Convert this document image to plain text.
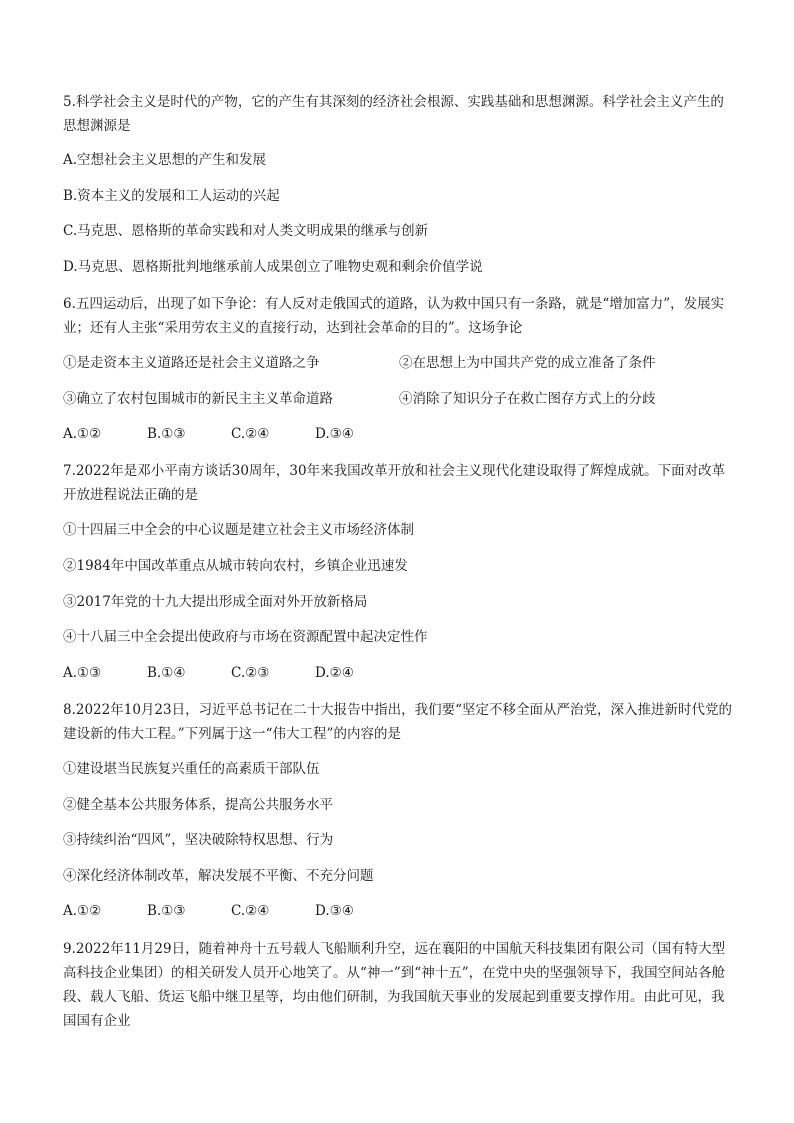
5.科学社会主义是时代的产物，它的产生有其深刻的经济社会根源、实践基础和思想渊源。科学社会主义产生的思想渊源是
A.空想社会主义思想的产生和发展
B.资本主义的发展和工人运动的兴起
C.马克思、恩格斯的革命实践和对人类文明成果的继承与创新
D.马克思、恩格斯批判地继承前人成果创立了唯物史观和剩余价值学说
6.五四运动后，出现了如下争论：有人反对走俄国式的道路，认为救中国只有一条路，就是“增加富力”，发展实业；还有人主张“采用劳农主义的直接行动，达到社会革命的目的”。这场争论
①是走资本主义道路还是社会主义道路之争	②在思想上为中国共产党的成立准备了条件
③确立了农村包围城市的新民主主义革命道路	④消除了知识分子在救亡图存方式上的分歧
A.①②	B.①③	C.②④	D.③④
7.2022年是邓小平南方谈话30周年，30年来我国改革开放和社会主义现代化建设取得了辉煌成就。下面对改革开放进程说法正确的是
①十四届三中全会的中心议题是建立社会主义市场经济体制
②1984年中国改革重点从城市转向农村，乡镇企业迅速发
③2017年党的十九大提出形成全面对外开放新格局
④十八届三中全会提出使政府与市场在资源配置中起决定性作
A.①③	B.①④	C.②③	D.②④
8.2022年10月23日，习近平总书记在二十大报告中指出，我们要“坚定不移全面从严治党，深入推进新时代党的建设新的伟大工程。”下列属于这一“伟大工程”的内容的是
①建设堪当民族复兴重任的高素质干部队伍
②健全基本公共服务体系，提高公共服务水平
③持续纠治“四风”，坚决破除特权思想、行为
④深化经济体制改革，解决发展不平衡、不充分问题
A.①②	B.①③	C.②④	D.③④
9.2022年11月29日，随着神舟十五号载人飞船顺利升空，远在襄阳的中国航天科技集团有限公司（国有特大型高科技企业集团）的相关研发人员开心地笑了。从“神一”到“神十五”，在党中央的坚强领导下，我国空间站各舱段、载人飞船、货运飞船中继卫星等，均由他们研制，为我国航天事业的发展起到重要支撑作用。由此可见，我国国有企业
